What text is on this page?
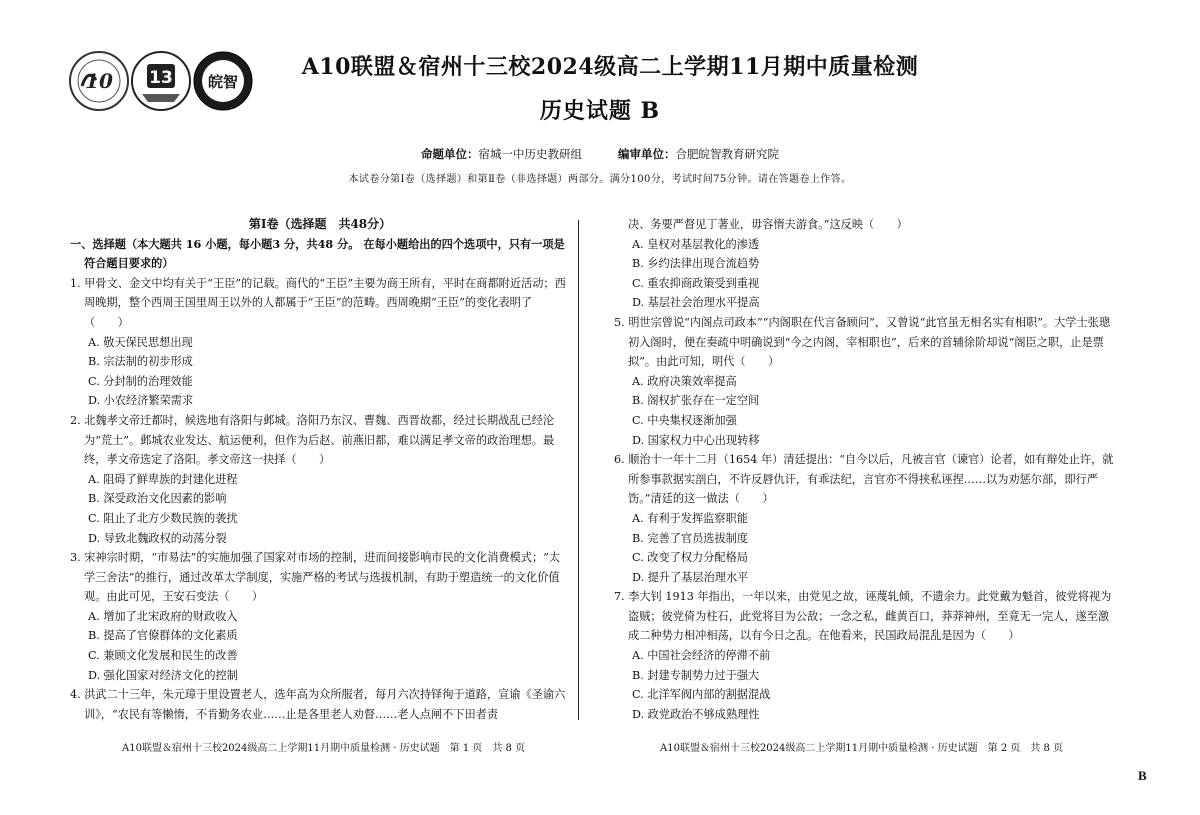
10 13 皖智
A10联盟＆宿州十三校2024级高二上学期11月期中质量检测
历史试题 B
命题单位：宿城一中历史教研组	编审单位：合肥皖智教育研究院
本试卷分第Ⅰ卷（选择题）和第Ⅱ卷（非选择题）两部分。满分100分，考试时间75分钟。请在答题卷上作答。
第Ⅰ卷（选择题　共48分）
一、选择题（本大题共 16 小题，每小题3 分，共48 分。 在每小题给出的四个选项中，只有一项是符合题目要求的）
1. 甲骨文、金文中均有关于“王臣”的记载。商代的“王臣”主要为商王所有，平时在商都附近活动；西周晚期，整个西周王国里周王以外的人都属于“王臣”的范畴。西周晚期“王臣”的变化表明了（　　）
A. 敬天保民思想出现
B. 宗法制的初步形成
C. 分封制的治理效能
D. 小农经济繁荣需求
2. 北魏孝文帝迁都时，候选地有洛阳与邺城。洛阳乃东汉、曹魏、西晋故都，经过长期战乱已经沦为“荒土”。邺城农业发达、航运便利，但作为后赵、前燕旧都，难以满足孝文帝的政治理想。最终，孝文帝选定了洛阳。孝文帝这一抉择（　　）
A. 阻碍了鲜卑族的封建化进程
B. 深受政治文化因素的影响
C. 阻止了北方少数民族的袭扰
D. 导致北魏政权的动荡分裂
3. 宋神宗时期，“市易法”的实施加强了国家对市场的控制，进而间接影响市民的文化消费模式；“太学三舍法”的推行，通过改革太学制度，实施严格的考试与选拔机制，有助于塑造统一的文化价值观。由此可见，王安石变法（　　）
A. 增加了北宋政府的财政收入
B. 提高了官僚群体的文化素质
C. 兼顾文化发展和民生的改善
D. 强化国家对经济文化的控制
4. 洪武二十三年，朱元璋于里设置老人，选年高为众所服者，每月六次持铎徇于道路，宣谕《圣谕六训》，“农民有等懒惰，不肯勤务农业……止是各里老人劝督……老人点闸不下田者责
决、务要严督见丁著业，毋容惰夫游食。”这反映（　　）
A. 皇权对基层教化的渗透
B. 乡约法律出现合流趋势
C. 重农抑商政策受到重视
D. 基层社会治理水平提高
5. 明世宗曾说“内阁点司政本”“内阁职在代言备顾问”，又曾说“此官虽无相名实有相职”。大学士张璁初入阁时，便在奏疏中明确说到“今之内阁，宰相职也”，后来的首辅徐阶却说“阁臣之职，止是票拟”。由此可知，明代（　　）
A. 政府决策效率提高
B. 阁权扩张存在一定空间
C. 中央集权逐渐加强
D. 国家权力中心出现转移
6. 顺治十一年十二月（1654 年）清廷提出：“自今以后，凡被言官（谏官）论者，如有辩处止许，就所参事款据实剖白，不许反唇仇讦，有乖法纪，言官亦不得挟私诬捏……以为劝惩尔部，即行严饬。”清廷的这一做法（　　）
A. 有利于发挥监察职能
B. 完善了官员选拔制度
C. 改变了权力分配格局
D. 提升了基层治理水平
7. 李大钊 1913 年指出，一年以来，由党见之故，诬蔑轧倾，不遗余力。此党戴为魁首，彼党将视为盗贼；彼党倚为柱石，此党将目为公敌；一念之私，雌黄百口，莽莽神州，至竟无一完人，遂至激成二种势力相冲相荡，以有今日之乱。在他看来，民国政局混乱是因为（　　）
A. 中国社会经济的停滞不前
B. 封建专制势力过于强大
C. 北洋军阀内部的割据混战
D. 政党政治不够成熟理性
A10联盟＆宿州十三校2024级高二上学期11月期中质量检测 · 历史试题　第 1 页　共 8 页	A10联盟＆宿州十三校2024级高二上学期11月期中质量检测 · 历史试题　第 2 页　共 8 页
B
